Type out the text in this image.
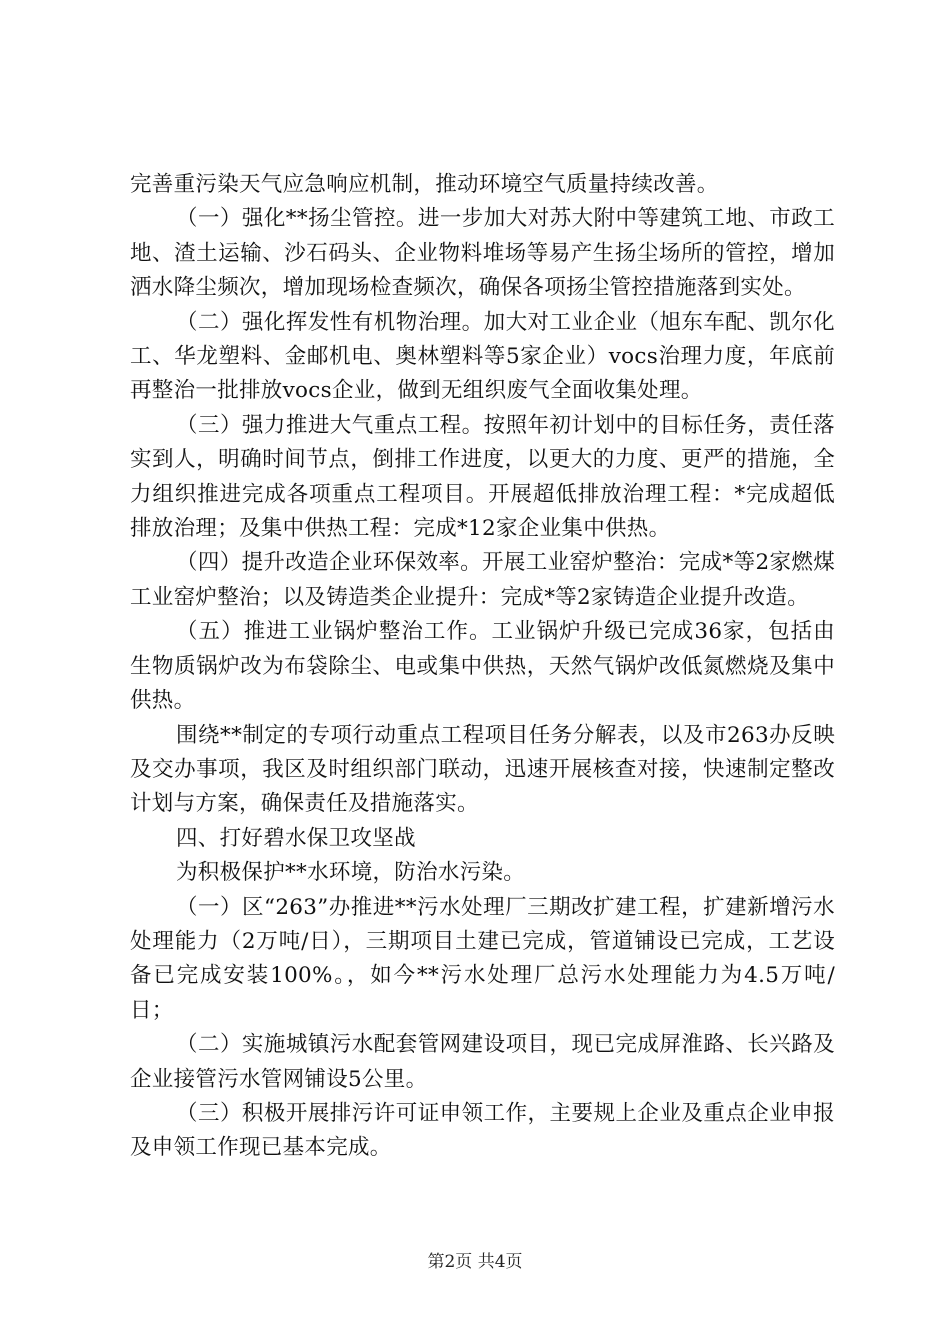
完善重污染天气应急响应机制，推动环境空气质量持续改善。

（一）强化**扬尘管控。进一步加大对苏大附中等建筑工地、市政工地、渣土运输、沙石码头、企业物料堆场等易产生扬尘场所的管控，增加洒水降尘频次，增加现场检查频次，确保各项扬尘管控措施落到实处。

（二）强化挥发性有机物治理。加大对工业企业（旭东车配、凯尔化工、华龙塑料、金邮机电、奥林塑料等5家企业）vocs治理力度，年底前再整治一批排放vocs企业，做到无组织废气全面收集处理。

（三）强力推进大气重点工程。按照年初计划中的目标任务，责任落实到人，明确时间节点，倒排工作进度，以更大的力度、更严的措施，全力组织推进完成各项重点工程项目。开展超低排放治理工程：*完成超低排放治理；及集中供热工程：完成*12家企业集中供热。

（四）提升改造企业环保效率。开展工业窑炉整治：完成*等2家燃煤工业窑炉整治；以及铸造类企业提升：完成*等2家铸造企业提升改造。

（五）推进工业锅炉整治工作。工业锅炉升级已完成36家，包括由生物质锅炉改为布袋除尘、电或集中供热，天然气锅炉改低氮燃烧及集中供热。

围绕**制定的专项行动重点工程项目任务分解表，以及市263办反映及交办事项，我区及时组织部门联动，迅速开展核查对接，快速制定整改计划与方案，确保责任及措施落实。

四、打好碧水保卫攻坚战

为积极保护**水环境，防治水污染。

（一）区“263”办推进**污水处理厂三期改扩建工程，扩建新增污水处理能力（2万吨/日），三期项目土建已完成，管道铺设已完成，工艺设备已完成安装100%。，如今**污水处理厂总污水处理能力为4.5万吨/日；

（二）实施城镇污水配套管网建设项目，现已完成屏淮路、长兴路及企业接管污水管网铺设5公里。

（三）积极开展排污许可证申领工作，主要规上企业及重点企业申报及申领工作现已基本完成。

第2页 共4页
